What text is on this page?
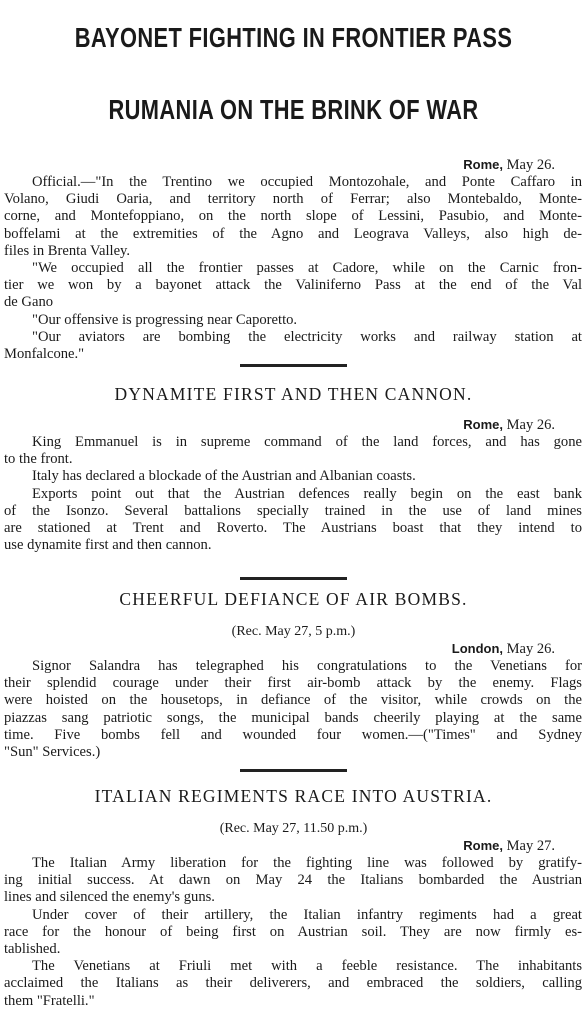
BAYONET FIGHTING IN FRONTIER PASS
RUMANIA ON THE BRINK OF WAR
Rome, May 26.
Official.—"In the Trentino we occupied Montozohale, and Ponte Caffaro in
Volano, Giudi Oaria, and territory north of Ferrar; also Montebaldo, Monte-
corne, and Montefoppiano, on the north slope of Lessini, Pasubio, and Monte-
boffelami at the extremities of the Agno and Leograva Valleys, also high de-
files in Brenta Valley.
"We occupied all the frontier passes at Cadore, while on the Carnic fron-
tier we won by a bayonet attack the Valiniferno Pass at the end of the Val
de Gano
"Our offensive is progressing near Caporetto.
"Our aviators are bombing the electricity works and railway station at
Monfalcone."
DYNAMITE FIRST AND THEN CANNON.
Rome, May 26.
King Emmanuel is in supreme command of the land forces, and has gone
to the front.
Italy has declared a blockade of the Austrian and Albanian coasts.
Exports point out that the Austrian defences really begin on the east bank
of the Isonzo. Several battalions specially trained in the use of land mines
are stationed at Trent and Roverto. The Austrians boast that they intend to
use dynamite first and then cannon.
CHEERFUL DEFIANCE OF AIR BOMBS.
(Rec. May 27, 5 p.m.)
London, May 26.
Signor Salandra has telegraphed his congratulations to the Venetians for
their splendid courage under their first air-bomb attack by the enemy. Flags
were hoisted on the housetops, in defiance of the visitor, while crowds on the
piazzas sang patriotic songs, the municipal bands cheerily playing at the same
time. Five bombs fell and wounded four women.—("Times" and Sydney
"Sun" Services.)
ITALIAN REGIMENTS RACE INTO AUSTRIA.
(Rec. May 27, 11.50 p.m.)
Rome, May 27.
The Italian Army liberation for the fighting line was followed by gratify-
ing initial success. At dawn on May 24 the Italians bombarded the Austrian
lines and silenced the enemy's guns.
Under cover of their artillery, the Italian infantry regiments had a great
race for the honour of being first on Austrian soil. They are now firmly es-
tablished.
The Venetians at Friuli met with a feeble resistance. The inhabitants
acclaimed the Italians as their deliverers, and embraced the soldiers, calling
them "Fratelli."
